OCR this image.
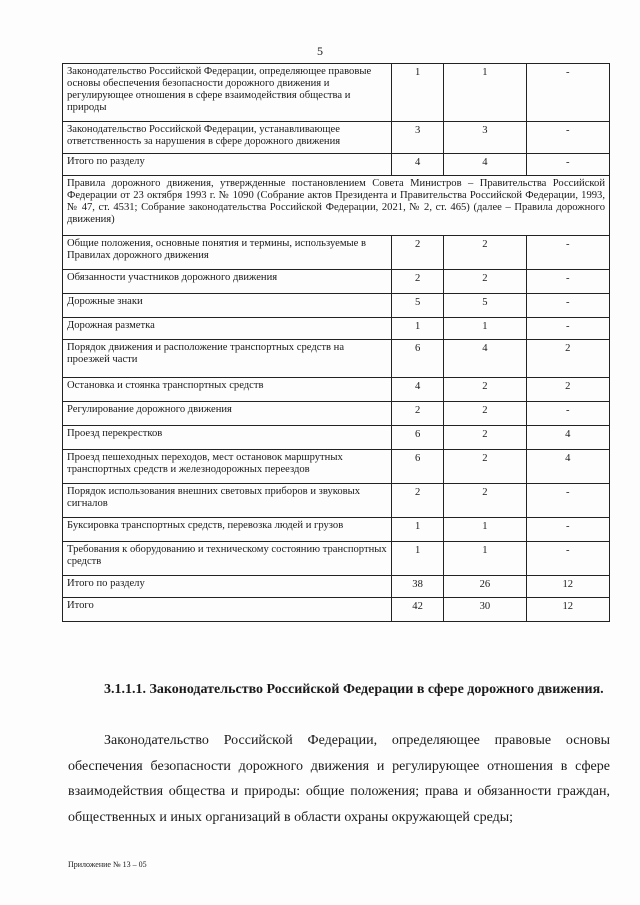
5
Законодательство Российской Федерации, определяющее правовые основы обеспечения безопасности дорожного движения и регулирующее отношения в сфере взаимодействия общества и природы	1	1	-
Законодательство Российской Федерации, устанавливающее ответственность за нарушения в сфере дорожного движения	3	3	-
Итого по разделу	4	4	-
Правила дорожного движения, утвержденные постановлением Совета Министров – Правительства Российской Федерации от 23 октября 1993 г. № 1090 (Собрание актов Президента и Правительства Российской Федерации, 1993, № 47, ст. 4531; Собрание законодательства Российской Федерации, 2021, № 2, ст. 465) (далее – Правила дорожного движения)			
Общие положения, основные понятия и термины, используемые в Правилах дорожного движения	2	2	-
Обязанности участников дорожного движения	2	2	-
Дорожные знаки	5	5	-
Дорожная разметка	1	1	-
Порядок движения и расположение транспортных средств на проезжей части	6	4	2
Остановка и стоянка транспортных средств	4	2	2
Регулирование дорожного движения	2	2	-
Проезд перекрестков	6	2	4
Проезд пешеходных переходов, мест остановок маршрутных транспортных средств и железнодорожных переездов	6	2	4
Порядок использования внешних световых приборов и звуковых сигналов	2	2	-
Буксировка транспортных средств, перевозка людей и грузов	1	1	-
Требования к оборудованию и техническому состоянию транспортных средств	1	1	-
Итого по разделу	38	26	12
Итого	42	30	12
3.1.1.1. Законодательство Российской Федерации в сфере дорожного движения.
Законодательство Российской Федерации, определяющее правовые основы обеспечения безопасности дорожного движения и регулирующее отношения в сфере взаимодействия общества и природы: общие положения; права и обязанности граждан, общественных и иных организаций в области охраны окружающей среды;
Приложение № 13 – 05
